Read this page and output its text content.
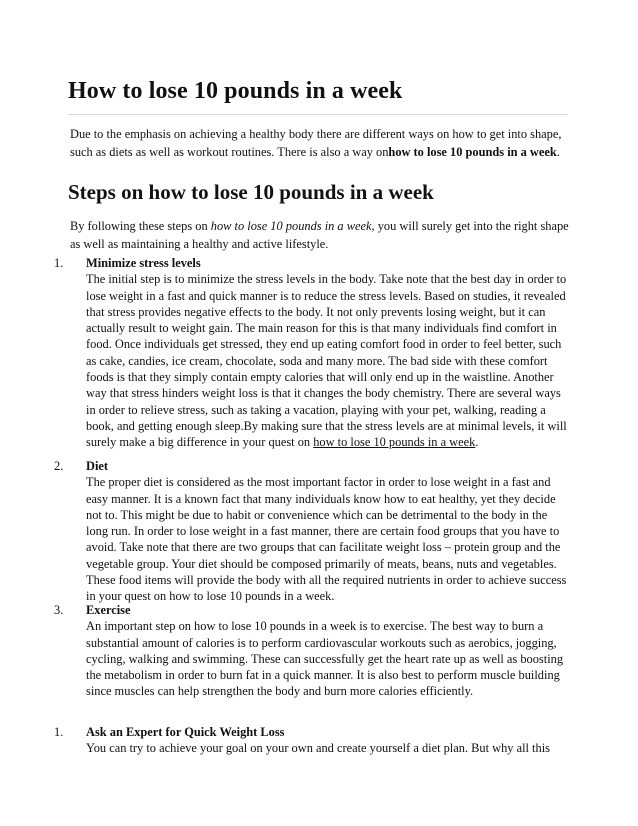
How to lose 10 pounds in a week

Due to the emphasis on achieving a healthy body there are different ways on how to get into shape, such as diets as well as workout routines. There is also a way onhow to lose 10 pounds in a week.

Steps on how to lose 10 pounds in a week

By following these steps on how to lose 10 pounds in a week, you will surely get into the right shape as well as maintaining a healthy and active lifestyle.

1.	Minimize stress levels
The initial step is to minimize the stress levels in the body. Take note that the best day in order to lose weight in a fast and quick manner is to reduce the stress levels. Based on studies, it revealed that stress provides negative effects to the body. It not only prevents losing weight, but it can actually result to weight gain. The main reason for this is that many individuals find comfort in food. Once individuals get stressed, they end up eating comfort food in order to feel better, such as cake, candies, ice cream, chocolate, soda and many more. The bad side with these comfort foods is that they simply contain empty calories that will only end up in the waistline. Another way that stress hinders weight loss is that it changes the body chemistry. There are several ways in order to relieve stress, such as taking a vacation, playing with your pet, walking, reading a book, and getting enough sleep.By making sure that the stress levels are at minimal levels, it will surely make a big difference in your quest on how to lose 10 pounds in a week.
2.	Diet
The proper diet is considered as the most important factor in order to lose weight in a fast and easy manner. It is a known fact that many individuals know how to eat healthy, yet they decide not to. This might be due to habit or convenience which can be detrimental to the body in the long run. In order to lose weight in a fast manner, there are certain food groups that you have to avoid. Take note that there are two groups that can facilitate weight loss – protein group and the vegetable group. Your diet should be composed primarily of meats, beans, nuts and vegetables. These food items will provide the body with all the required nutrients in order to achieve success in your quest on how to lose 10 pounds in a week.
3.	Exercise
An important step on how to lose 10 pounds in a week is to exercise. The best way to burn a substantial amount of calories is to perform cardiovascular workouts such as aerobics, jogging, cycling, walking and swimming. These can successfully get the heart rate up as well as boosting the metabolism in order to burn fat in a quick manner. It is also best to perform muscle building since muscles can help strengthen the body and burn more calories efficiently.
1.	Ask an Expert for Quick Weight Loss
You can try to achieve your goal on your own and create yourself a diet plan. But why all this
